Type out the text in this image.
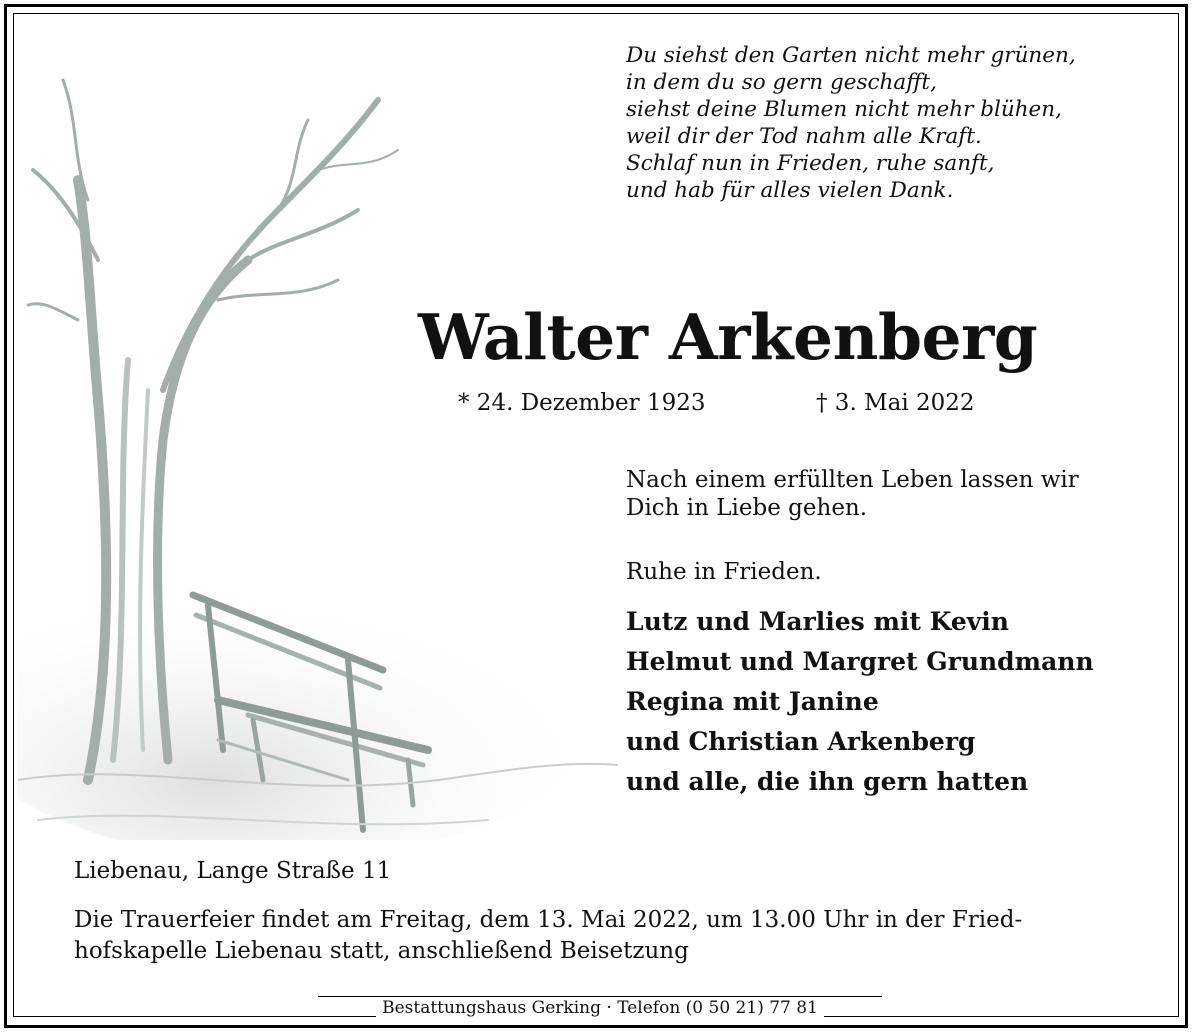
Du siehst den Garten nicht mehr grünen,
in dem du so gern geschafft,
siehst deine Blumen nicht mehr blühen,
weil dir der Tod nahm alle Kraft.
Schlaf nun in Frieden, ruhe sanft,
und hab für alles vielen Dank.
Walter Arkenberg
* 24. Dezember 1923	† 3. Mai 2022
Nach einem erfüllten Leben lassen wir
Dich in Liebe gehen.
Ruhe in Frieden.
Lutz und Marlies mit Kevin
Helmut und Margret Grundmann
Regina mit Janine
und Christian Arkenberg
und alle, die ihn gern hatten
Liebenau, Lange Straße 11
Die Trauerfeier findet am Freitag, dem 13. Mai 2022, um 13.00 Uhr in der Fried-
hofskapelle Liebenau statt, anschließend Beisetzung
Bestattungshaus Gerking · Telefon (0 50 21) 77 81
